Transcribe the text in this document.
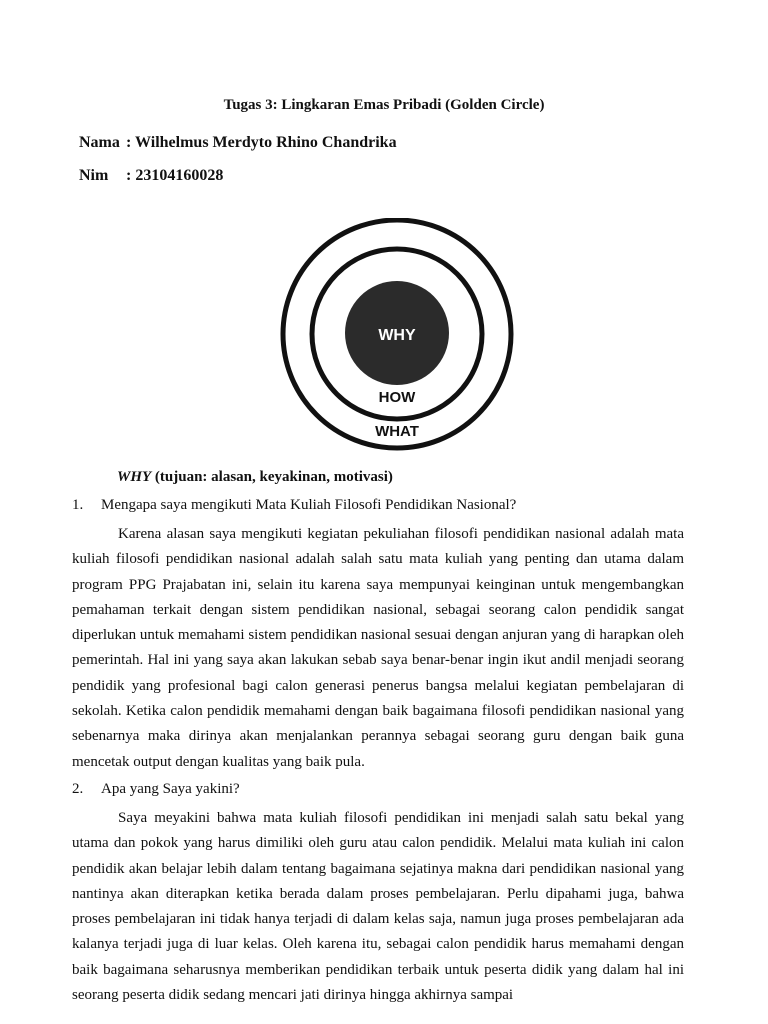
Tugas 3: Lingkaran Emas Pribadi (Golden Circle)
Nama : Wilhelmus Merdyto Rhino Chandrika
Nim : 23104160028
WHY
HOW
WHAT
WHY (tujuan: alasan, keyakinan, motivasi)
1. Mengapa saya mengikuti Mata Kuliah Filosofi Pendidikan Nasional?
Karena alasan saya mengikuti kegiatan pekuliahan filosofi pendidikan nasional adalah mata kuliah filosofi pendidikan nasional adalah salah satu mata kuliah yang penting dan utama dalam program PPG Prajabatan ini, selain itu karena saya mempunyai keinginan untuk mengembangkan pemahaman terkait dengan sistem pendidikan nasional, sebagai seorang calon pendidik sangat diperlukan untuk memahami sistem pendidikan nasional sesuai dengan anjuran yang di harapkan oleh pemerintah. Hal ini yang saya akan lakukan sebab saya benar-benar ingin ikut andil menjadi seorang pendidik yang profesional bagi calon generasi penerus bangsa melalui kegiatan pembelajaran di sekolah. Ketika calon pendidik memahami dengan baik bagaimana filosofi pendidikan nasional yang sebenarnya maka dirinya akan menjalankan perannya sebagai seorang guru dengan baik guna mencetak output dengan kualitas yang baik pula.
2. Apa yang Saya yakini?
Saya meyakini bahwa mata kuliah filosofi pendidikan ini menjadi salah satu bekal yang utama dan pokok yang harus dimiliki oleh guru atau calon pendidik. Melalui mata kuliah ini calon pendidik akan belajar lebih dalam tentang bagaimana sejatinya makna dari pendidikan nasional yang nantinya akan diterapkan ketika berada dalam proses pembelajaran. Perlu dipahami juga, bahwa proses pembelajaran ini tidak hanya terjadi di dalam kelas saja, namun juga proses pembelajaran ada kalanya terjadi juga di luar kelas. Oleh karena itu, sebagai calon pendidik harus memahami dengan baik bagaimana seharusnya memberikan pendidikan terbaik untuk peserta didik yang dalam hal ini seorang peserta didik sedang mencari jati dirinya hingga akhirnya sampai
